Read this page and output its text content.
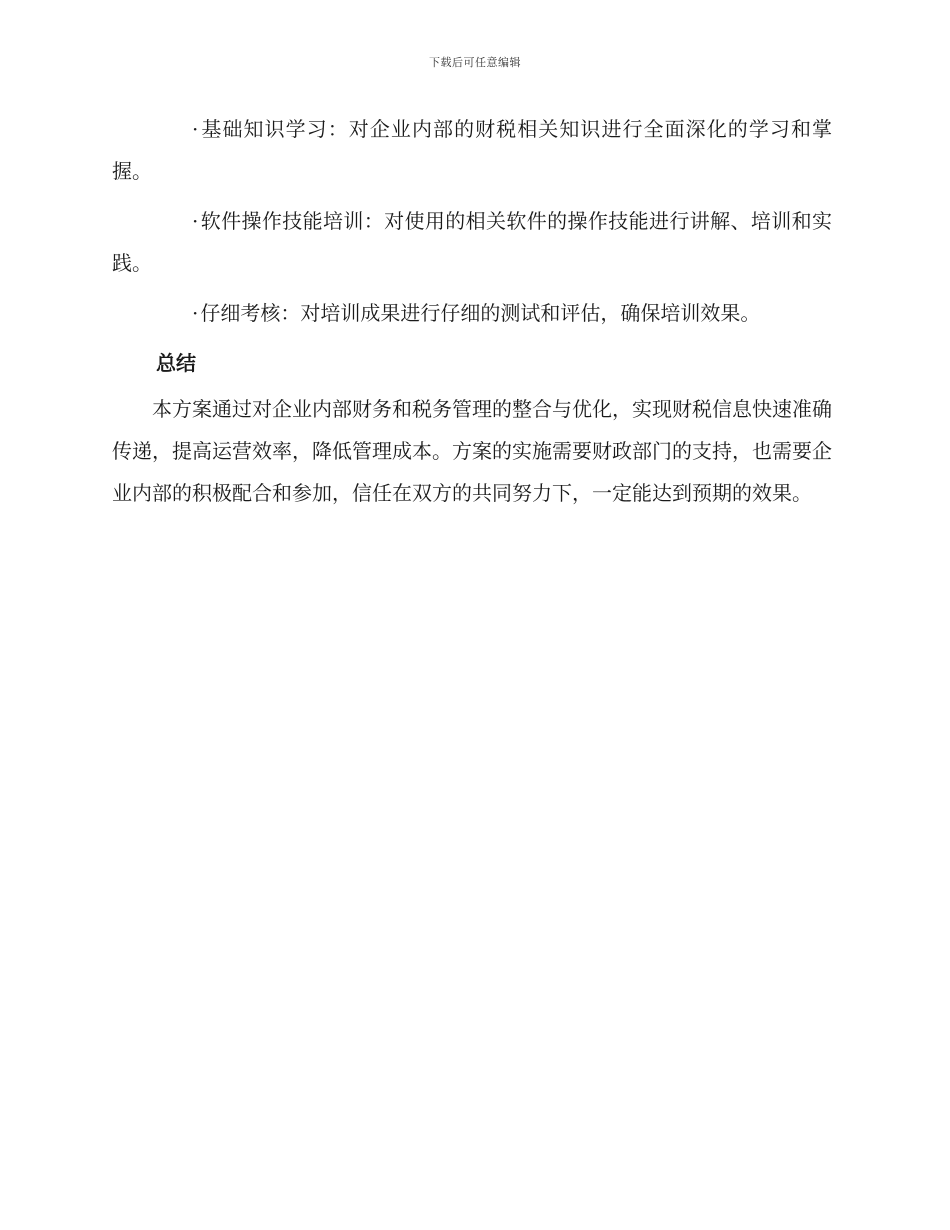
下载后可任意编辑

· 基础知识学习：对企业内部的财税相关知识进行全面深化的学习和掌握。

· 软件操作技能培训：对使用的相关软件的操作技能进行讲解、培训和实践。

· 仔细考核：对培训成果进行仔细的测试和评估，确保培训效果。

总结

本方案通过对企业内部财务和税务管理的整合与优化，实现财税信息快速准确传递，提高运营效率，降低管理成本。方案的实施需要财政部门的支持，也需要企业内部的积极配合和参加，信任在双方的共同努力下，一定能达到预期的效果。
